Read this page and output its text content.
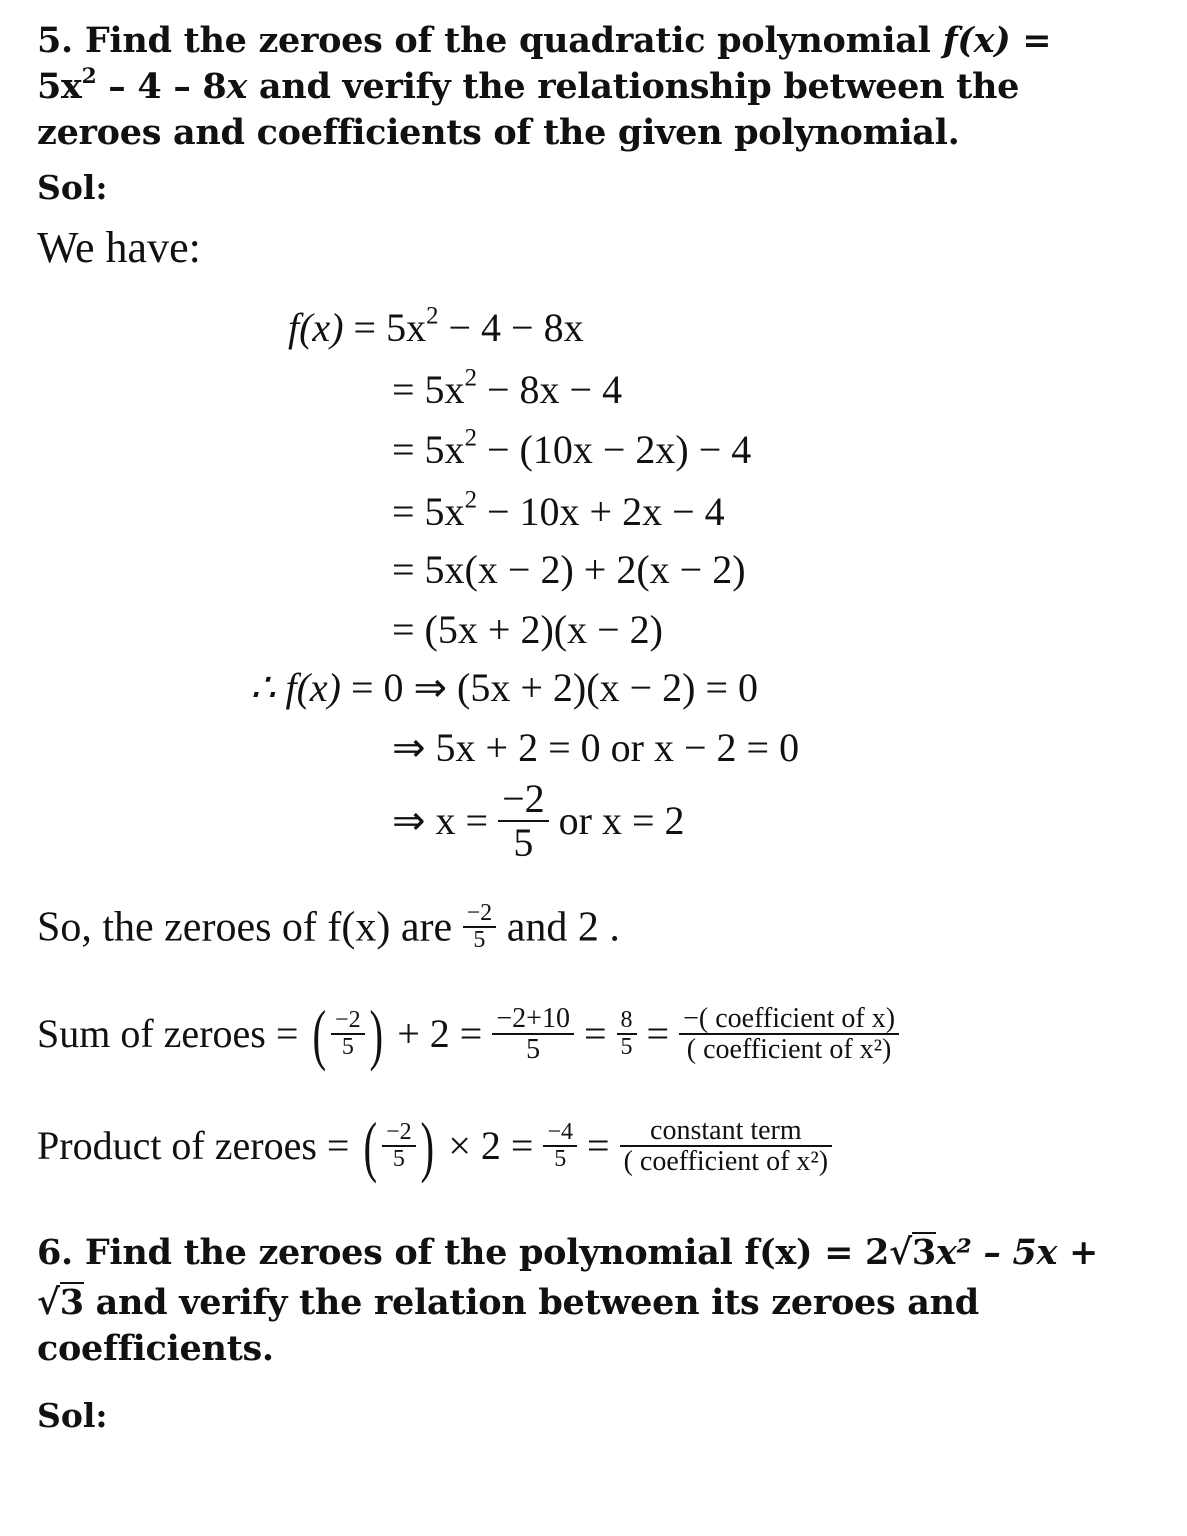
5. Find the zeroes of the quadratic polynomial f(x) =
$5x^2 - 4 - 8x$ and verify the relationship between the
zeroes and coefficients of the given polynomial.
Sol:
We have:
$f(x) = 5x^2 - 4 - 8x$
= $5x^2 - 8x - 4$
= $5x^2 - (10x - 2x) - 4$
= $5x^2 - 10x + 2x - 4$
= 5x(x − 2) + 2(x − 2)
= (5x + 2)(x − 2)
∴ f(x) = 0 ⇒ (5x + 2)(x − 2) = 0
⇒ 5x + 2 = 0 or x − 2 = 0
⇒ $x = \frac{-2}{5}$ or x = 2
So, the zeroes of f(x) are $\frac{-2}{5}$ and 2 .
Sum of zeroes = ( $\frac{-2}{5}$ ) + $2 = \frac{-2+10}{5} = \frac{8}{5} = \frac{\text{−( coefficient of x)}}{\text{( coefficient of x²)}}$
Product of zeroes = ( $\frac{-2}{5}$ ) × $2 = \frac{-4}{5} = \frac{\text{constant term}}{\text{( coefficient of x²)}}$
6. Find the zeroes of the polynomial f(x) = 2√3x² – 5x +
√3 and verify the relation between its zeroes and
coefficients.
Sol:
